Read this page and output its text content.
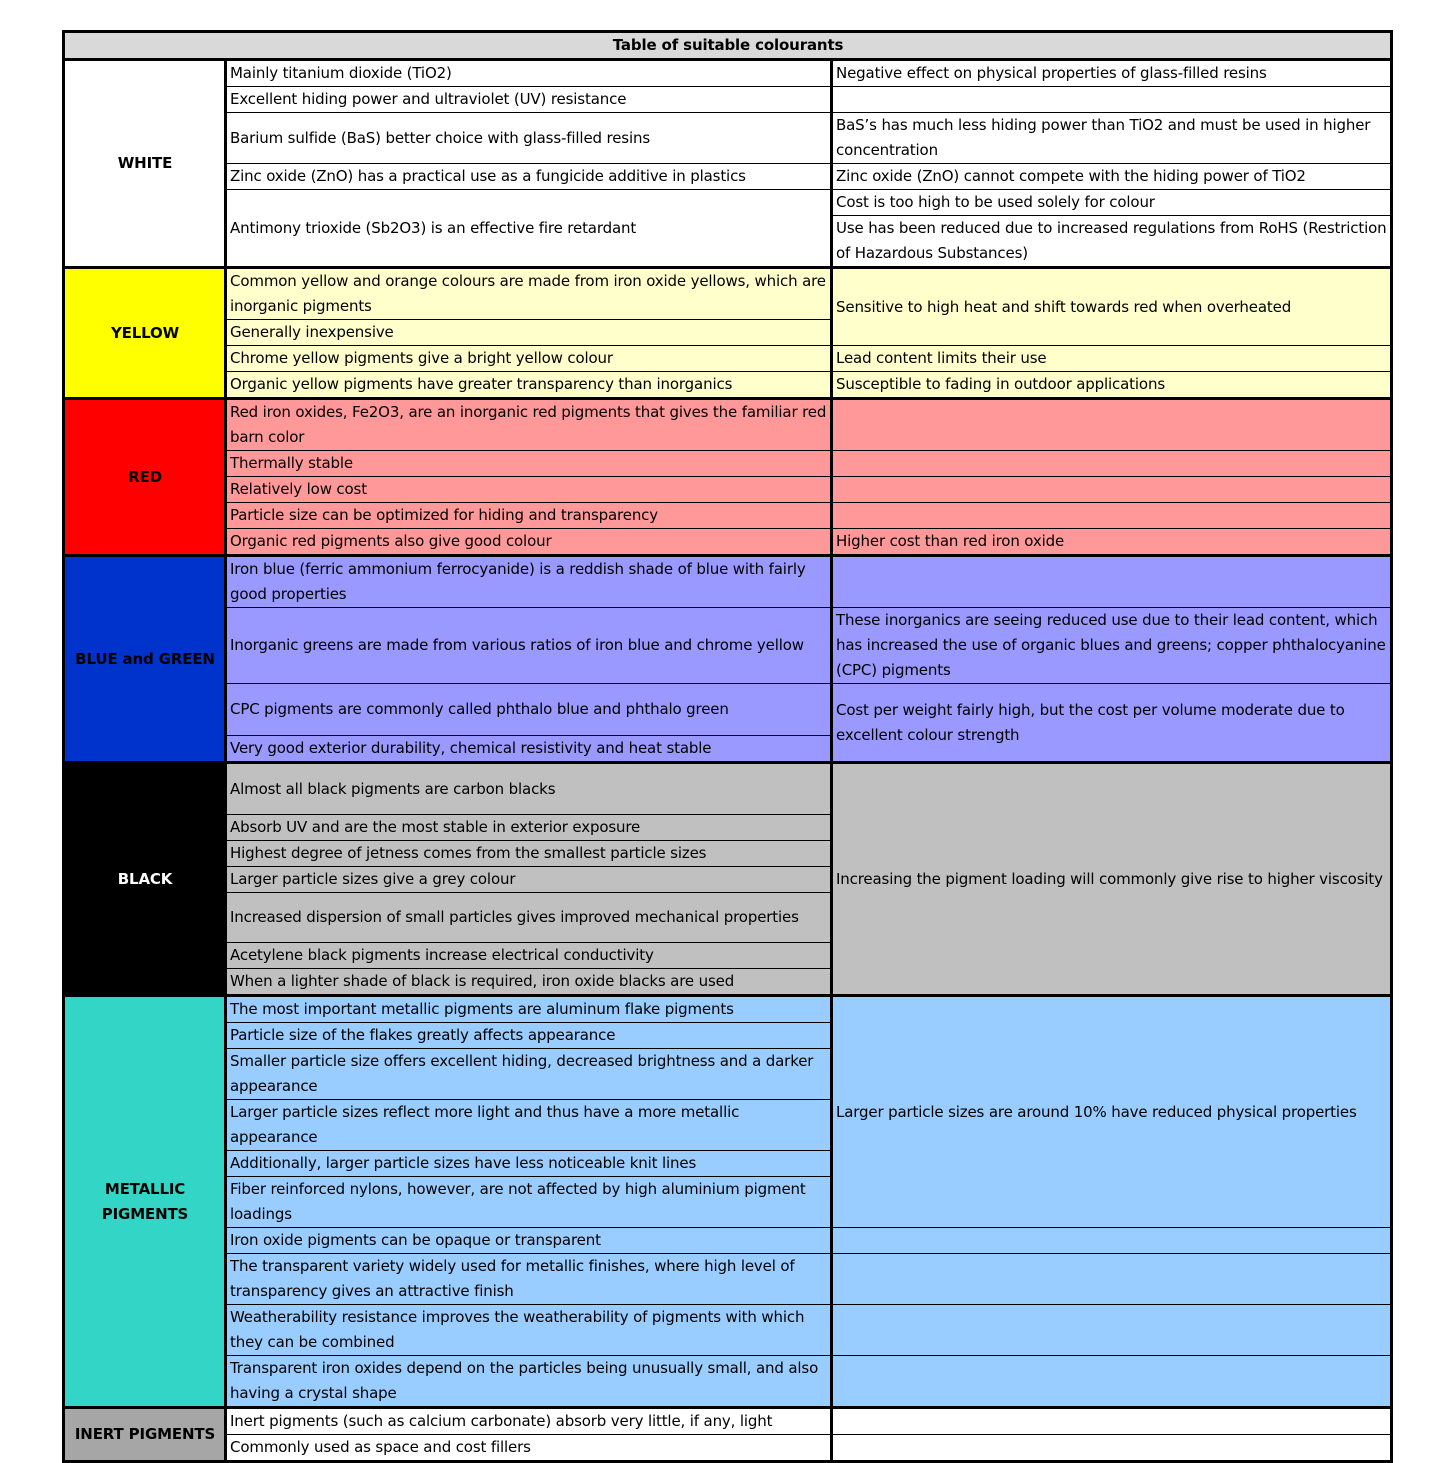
Table of suitable colourants		
WHITE	Mainly titanium dioxide (TiO2)	Negative effect on physical properties of glass-filled resins
	Excellent hiding power and ultraviolet (UV) resistance	
	Barium sulfide (BaS) better choice with glass-filled resins	BaS’s has much less hiding power than TiO2 and must be used in higher concentration
	Zinc oxide (ZnO) has a practical use as a fungicide additive in plastics	Zinc oxide (ZnO) cannot compete with the hiding power of TiO2
	Antimony trioxide (Sb2O3) is an effective fire retardant	Cost is too high to be used solely for colour
		Use has been reduced due to increased regulations from RoHS (Restriction of Hazardous Substances)
YELLOW	Common yellow and orange colours are made from iron oxide yellows, which are inorganic pigments	Sensitive to high heat and shift towards red when overheated
	Generally inexpensive	
	Chrome yellow pigments give a bright yellow colour	Lead content limits their use
	Organic yellow pigments have greater transparency than inorganics	Susceptible to fading in outdoor applications
RED	Red iron oxides, Fe2O3, are an inorganic red pigments that gives the familiar red barn color	
	Thermally stable	
	Relatively low cost	
	Particle size can be optimized for hiding and transparency	
	Organic red pigments also give good colour	Higher cost than red iron oxide
BLUE and GREEN	Iron blue (ferric ammonium ferrocyanide) is a reddish shade of blue with fairly good properties	
	Inorganic greens are made from various ratios of iron blue and chrome yellow	These inorganics are seeing reduced use due to their lead content, which has increased the use of organic blues and greens; copper phthalocyanine (CPC) pigments
	CPC pigments are commonly called phthalo blue and phthalo green	Cost per weight fairly high, but the cost per volume moderate due to excellent colour strength
	Very good exterior durability, chemical resistivity and heat stable	
BLACK	Almost all black pigments are carbon blacks	Increasing the pigment loading will commonly give rise to higher viscosity
	Absorb UV and are the most stable in exterior exposure	
	Highest degree of jetness comes from the smallest particle sizes	
	Larger particle sizes give a grey colour	
	Increased dispersion of small particles gives improved mechanical properties	
	Acetylene black pigments increase electrical conductivity	
	When a lighter shade of black is required, iron oxide blacks are used	
METALLIC PIGMENTS	The most important metallic pigments are aluminum flake pigments	Larger particle sizes are around 10% have reduced physical properties
	Particle size of the flakes greatly affects appearance	
	Smaller particle size offers excellent hiding, decreased brightness and a darker appearance	
	Larger particle sizes reflect more light and thus have a more metallic appearance	
	Additionally, larger particle sizes have less noticeable knit lines	
	Fiber reinforced nylons, however, are not affected by high aluminium pigment loadings	
	Iron oxide pigments can be opaque or transparent	
	The transparent variety widely used for metallic finishes, where high level of transparency gives an attractive finish	
	Weatherability resistance improves the weatherability of pigments with which they can be combined	
	Transparent iron oxides depend on the particles being unusually small, and also having a crystal shape	
INERT PIGMENTS	Inert pigments (such as calcium carbonate) absorb very little, if any, light	
	Commonly used as space and cost fillers	
